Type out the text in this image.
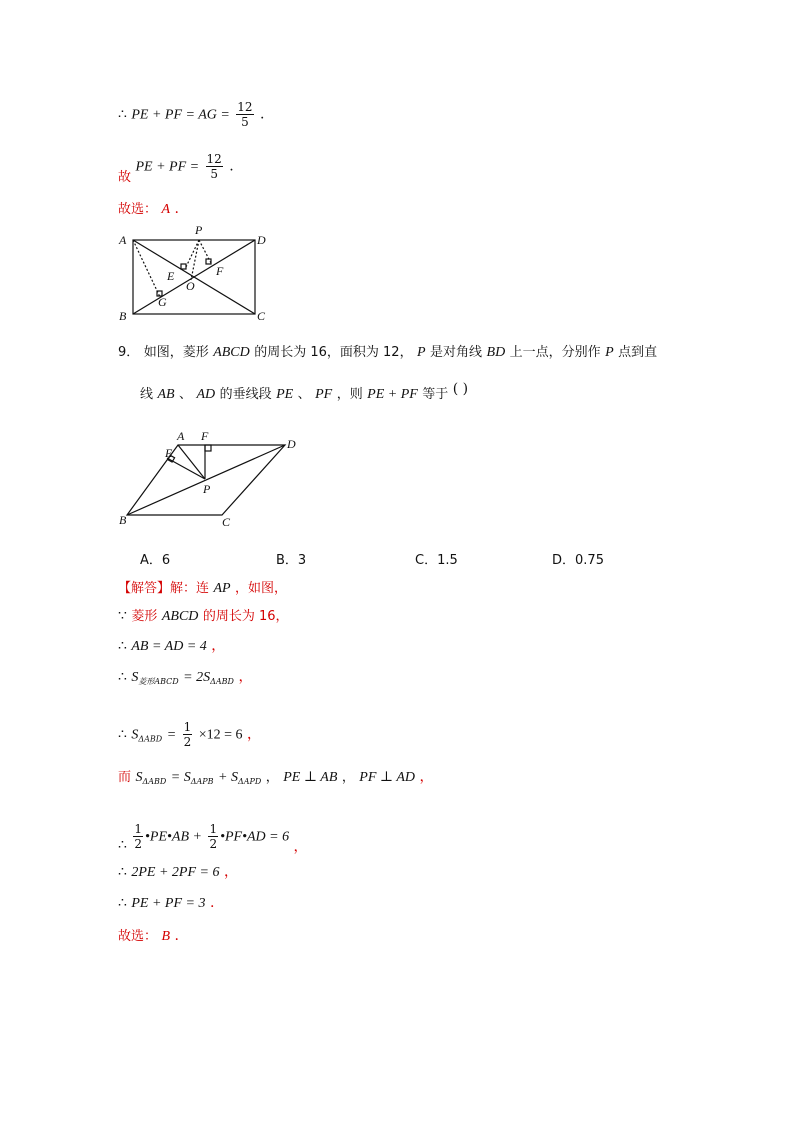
∴ PE + PF = AG = $\frac{12}{5}$ .
故 PE + PF = $\frac{12}{5}$ .
故选： A .
A
P
D
E	F
O
G
B	C
9． 如图，菱形 ABCD 的周长为 16，面积为 12， P 是对角线 BD 上一点，分别作 P 点到直
线 AB 、 AD 的垂线段 PE 、 PF ，则 PE + PF 等于 ( )
A F
D
E
P
B	C
A．6	B．3	C．1.5	D．0.75
【解答】解：连 AP ，如图，
∵ 菱形 ABCD 的周长为 16，
∴ AB = AD = 4 ，
∴ $S_{菱形ABCD} = 2S_{\Delta ABD}$ ，
∴ $S_{\Delta ABD} = \frac{1}{2} \times 12 = 6$ ，
而 $S_{\Delta ABD} = S_{\Delta APB} + S_{\Delta APD}$ ， PE ⊥ AB ， PF ⊥ AD ，
∴ $\frac{1}{2}$ •PE•AB + $\frac{1}{2}$ •PF•AD = 6 ，
∴ 2PE + 2PF = 6 ，
∴ PE + PF = 3 .
故选： B .
